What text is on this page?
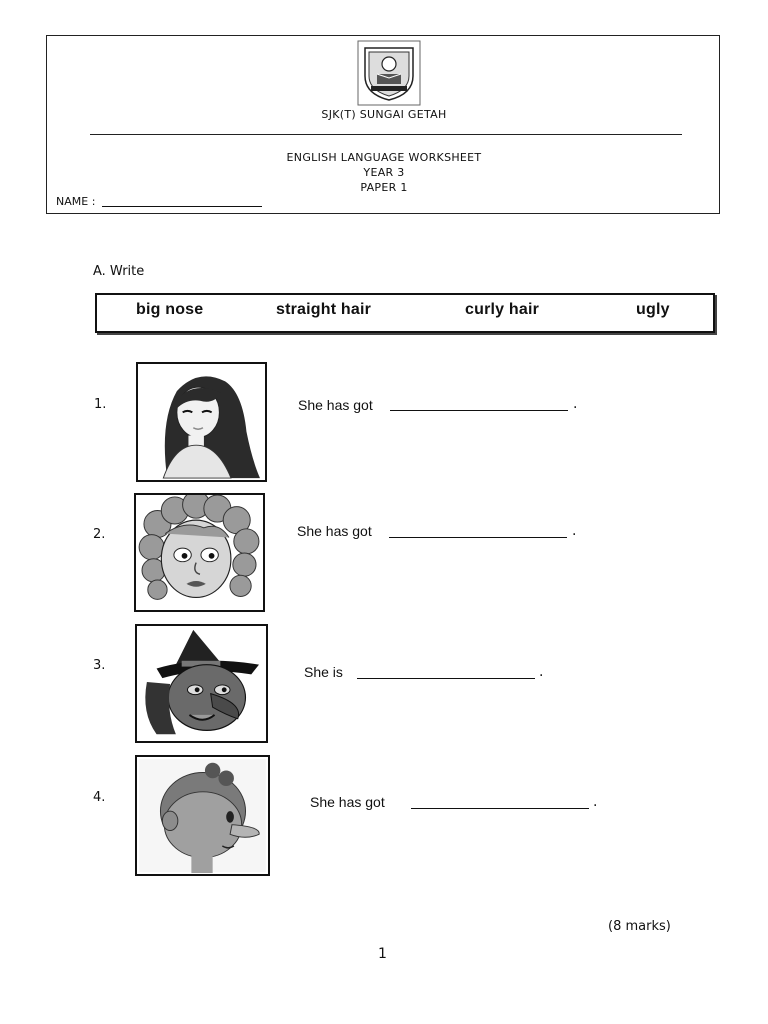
SJK(T) SUNGAI GETAH
ENGLISH LANGUAGE WORKSHEET
YEAR 3
PAPER 1
NAME :
A. Write
big nose	straight hair	curly hair	ugly
1.	She has got	.
2.	She has got	.
3.	She is	.
4.	She has got	.
(8 marks)
1
